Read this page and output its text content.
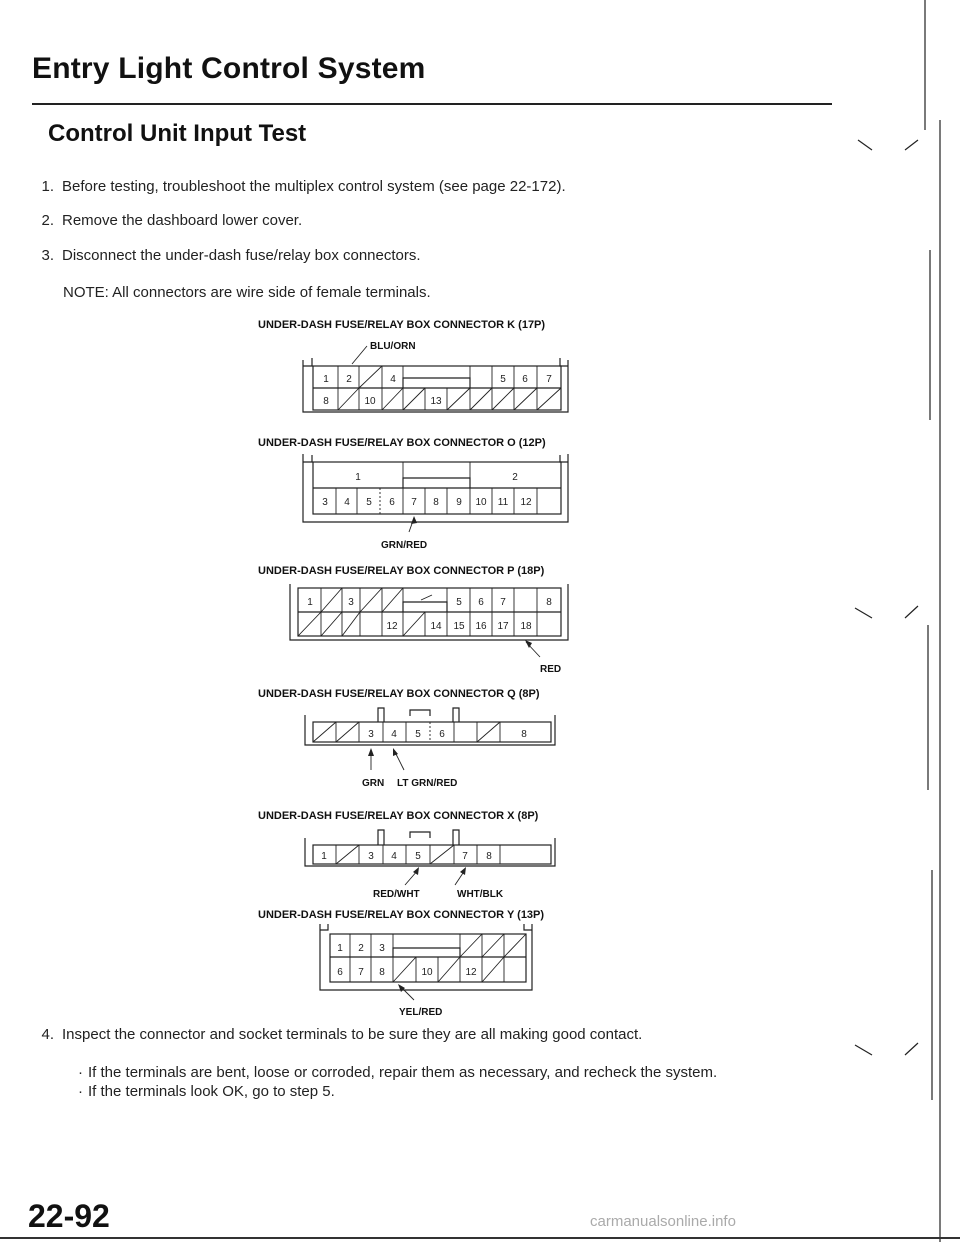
Entry Light Control System
Control Unit Input Test
1. Before testing, troubleshoot the multiplex control system (see page 22-172).
2. Remove the dashboard lower cover.
3. Disconnect the under-dash fuse/relay box connectors.
NOTE: All connectors are wire side of female terminals.
UNDER-DASH FUSE/RELAY BOX CONNECTOR K (17P)
BLU/ORN
1 2	4	5 6 7
8	10	13
UNDER-DASH FUSE/RELAY BOX CONNECTOR O (12P)
1	2
3 4 5 6 7 8 9 10 11 12
GRN/RED
UNDER-DASH FUSE/RELAY BOX CONNECTOR P (18P)
1	3	5 6 7	8
12	14 15 16 17 18
RED
UNDER-DASH FUSE/RELAY BOX CONNECTOR Q (8P)
3 4 5 6	8
GRN LT GRN/RED
UNDER-DASH FUSE/RELAY BOX CONNECTOR X (8P)
1	3 4 5	7 8
RED/WHT	WHT/BLK
UNDER-DASH FUSE/RELAY BOX CONNECTOR Y (13P)
1 2 3
6 7 8	10	12
YEL/RED
4. Inspect the connector and socket terminals to be sure they are all making good contact.
· If the terminals are bent, loose or corroded, repair them as necessary, and recheck the system.
· If the terminals look OK, go to step 5.
22-92	carmanualsonline.info
